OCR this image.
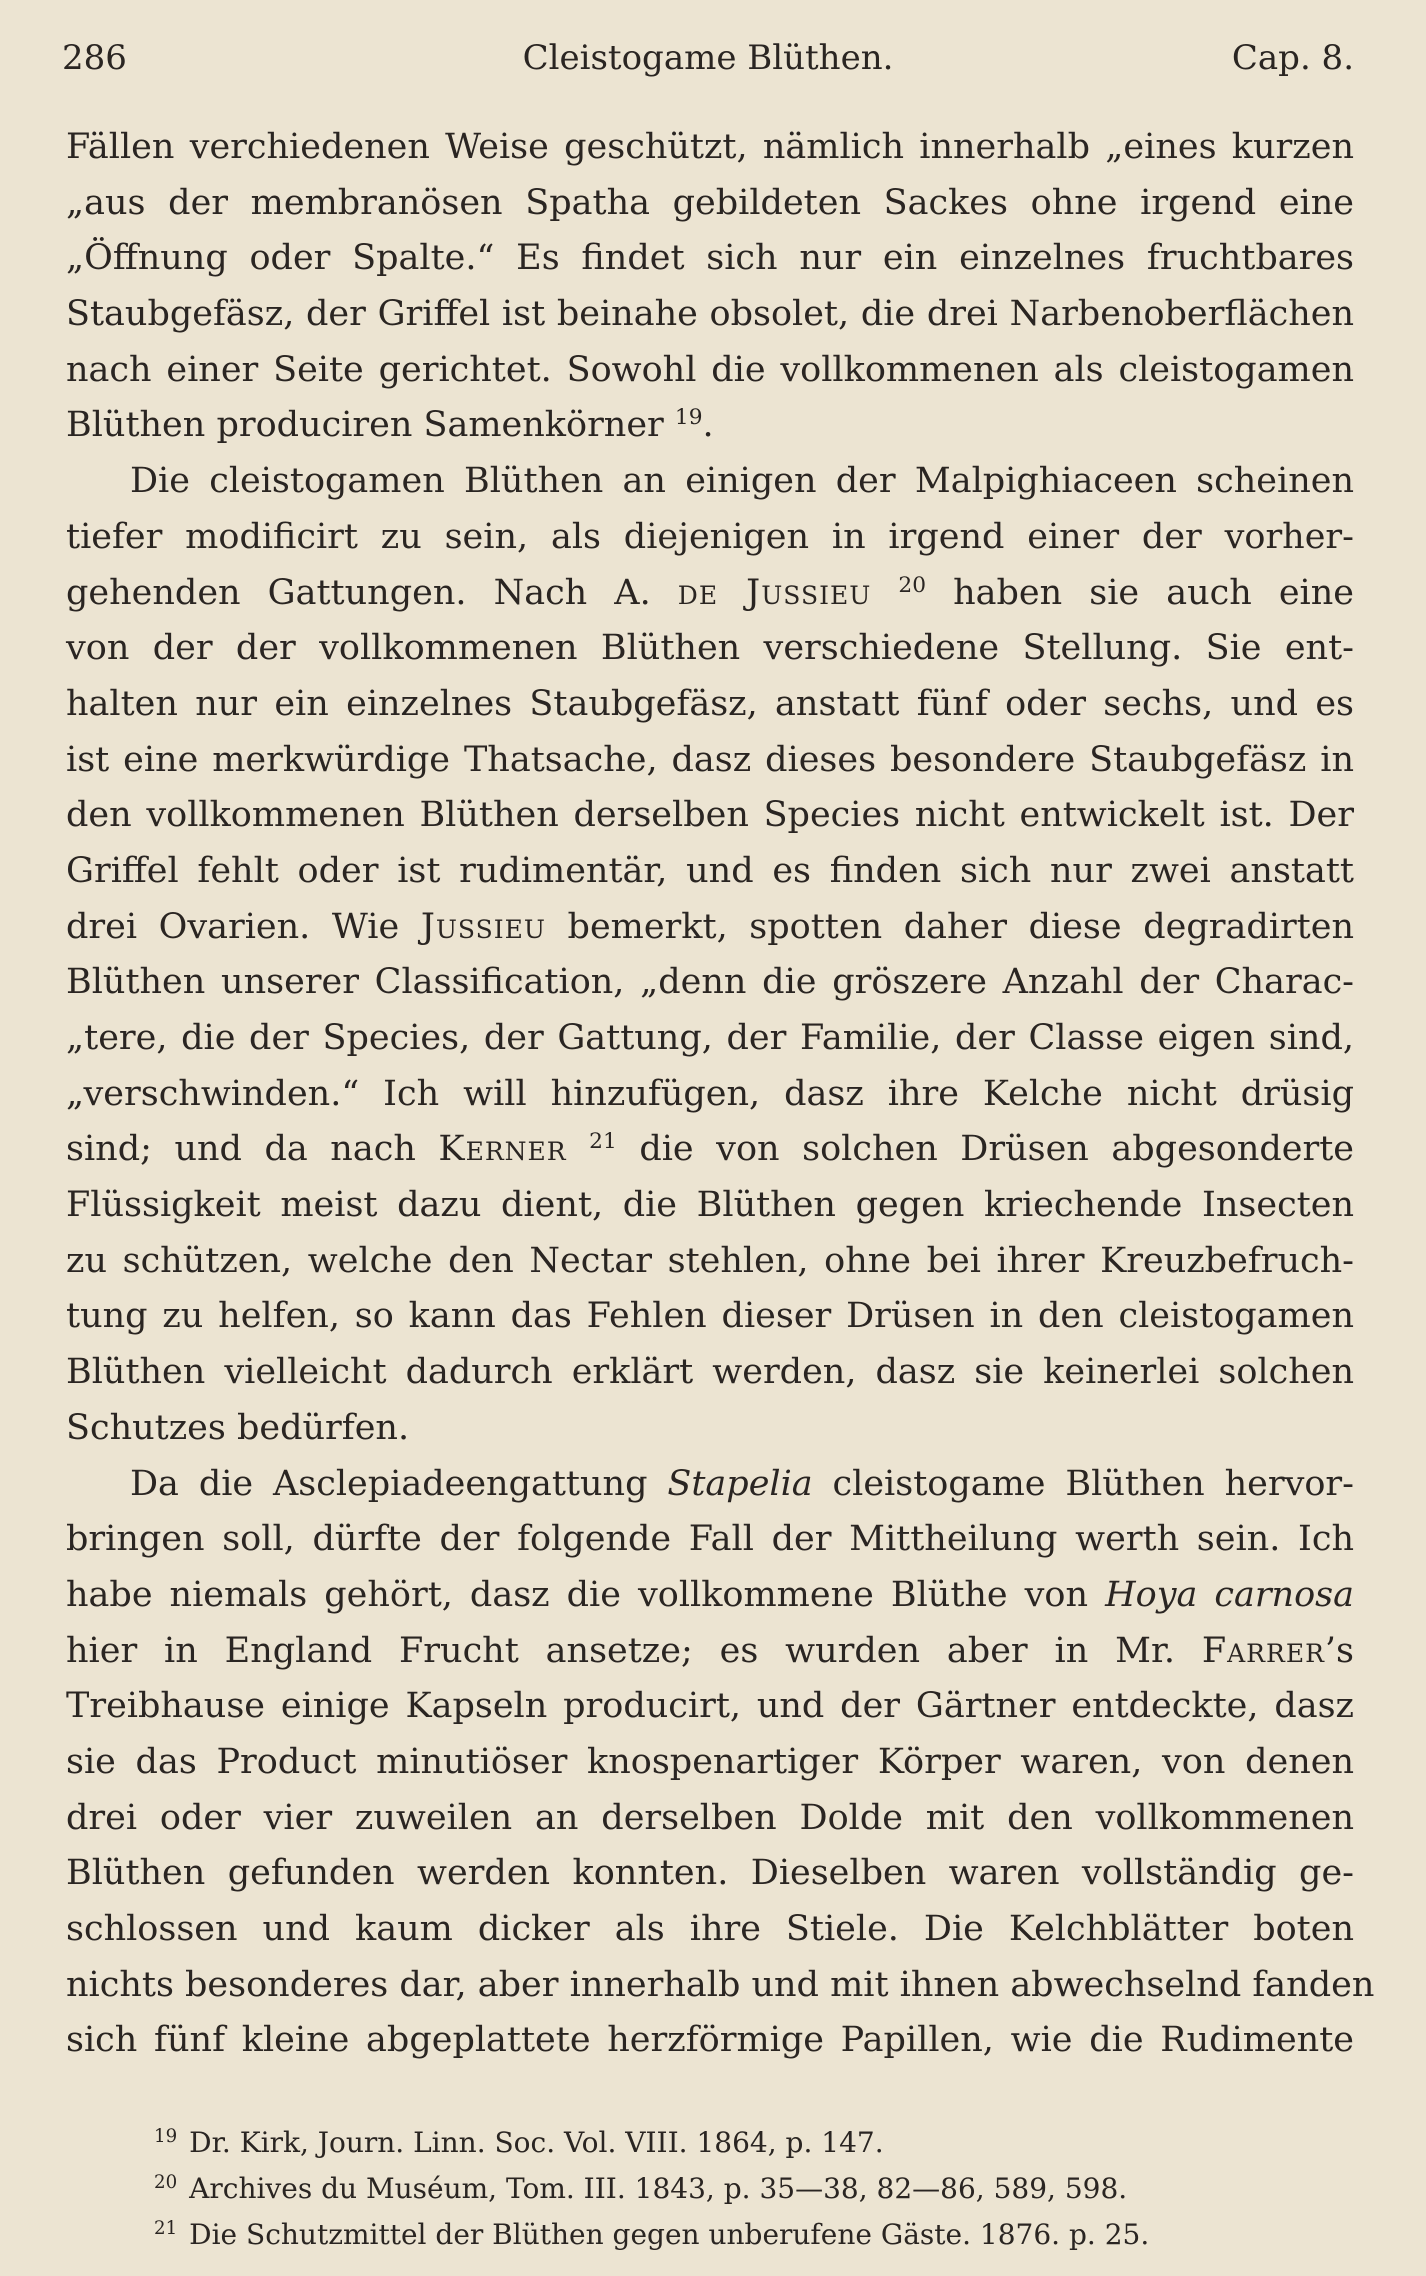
286	Cleistogame Blüthen.	Cap. 8.
Fällen verchiedenen Weise geschützt, nämlich innerhalb „eines kurzen
„aus der membranösen Spatha gebildeten Sackes ohne irgend eine
„Öffnung oder Spalte.“ Es findet sich nur ein einzelnes fruchtbares
Staubgefäsz, der Griffel ist beinahe obsolet, die drei Narbenoberflächen
nach einer Seite gerichtet. Sowohl die vollkommenen als cleistogamen
Blüthen produciren Samenkörner $^{19}$.
Die cleistogamen Blüthen an einigen der Malpighiaceen scheinen
tiefer modificirt zu sein, als diejenigen in irgend einer der vorher-
gehenden Gattungen. Nach A. de Jussieu $^{20}$ haben sie auch eine
von der der vollkommenen Blüthen verschiedene Stellung. Sie ent-
halten nur ein einzelnes Staubgefäsz, anstatt fünf oder sechs, und es
ist eine merkwürdige Thatsache, dasz dieses besondere Staubgefäsz in
den vollkommenen Blüthen derselben Species nicht entwickelt ist. Der
Griffel fehlt oder ist rudimentär, und es finden sich nur zwei anstatt
drei Ovarien. Wie Jussieu bemerkt, spotten daher diese degradirten
Blüthen unserer Classification, „denn die gröszere Anzahl der Charac-
„tere, die der Species, der Gattung, der Familie, der Classe eigen sind,
„verschwinden.“ Ich will hinzufügen, dasz ihre Kelche nicht drüsig
sind; und da nach Kerner $^{21}$ die von solchen Drüsen abgesonderte
Flüssigkeit meist dazu dient, die Blüthen gegen kriechende Insecten
zu schützen, welche den Nectar stehlen, ohne bei ihrer Kreuzbefruch-
tung zu helfen, so kann das Fehlen dieser Drüsen in den cleistogamen
Blüthen vielleicht dadurch erklärt werden, dasz sie keinerlei solchen
Schutzes bedürfen.
Da die Asclepiadeengattung Stapelia cleistogame Blüthen hervor-
bringen soll, dürfte der folgende Fall der Mittheilung werth sein. Ich
habe niemals gehört, dasz die vollkommene Blüthe von Hoya carnosa
hier in England Frucht ansetze; es wurden aber in Mr. Farrer’s
Treibhause einige Kapseln producirt, und der Gärtner entdeckte, dasz
sie das Product minutiöser knospenartiger Körper waren, von denen
drei oder vier zuweilen an derselben Dolde mit den vollkommenen
Blüthen gefunden werden konnten. Dieselben waren vollständig ge-
schlossen und kaum dicker als ihre Stiele. Die Kelchblätter boten
nichts besonderes dar, aber innerhalb und mit ihnen abwechselnd fanden
sich fünf kleine abgeplattete herzförmige Papillen, wie die Rudimente
$^{19}$ Dr. Kirk, Journ. Linn. Soc. Vol. VIII. 1864, p. 147.
$^{20}$ Archives du Muséum, Tom. III. 1843, p. 35—38, 82—86, 589, 598.
$^{21}$ Die Schutzmittel der Blüthen gegen unberufene Gäste. 1876. p. 25.
